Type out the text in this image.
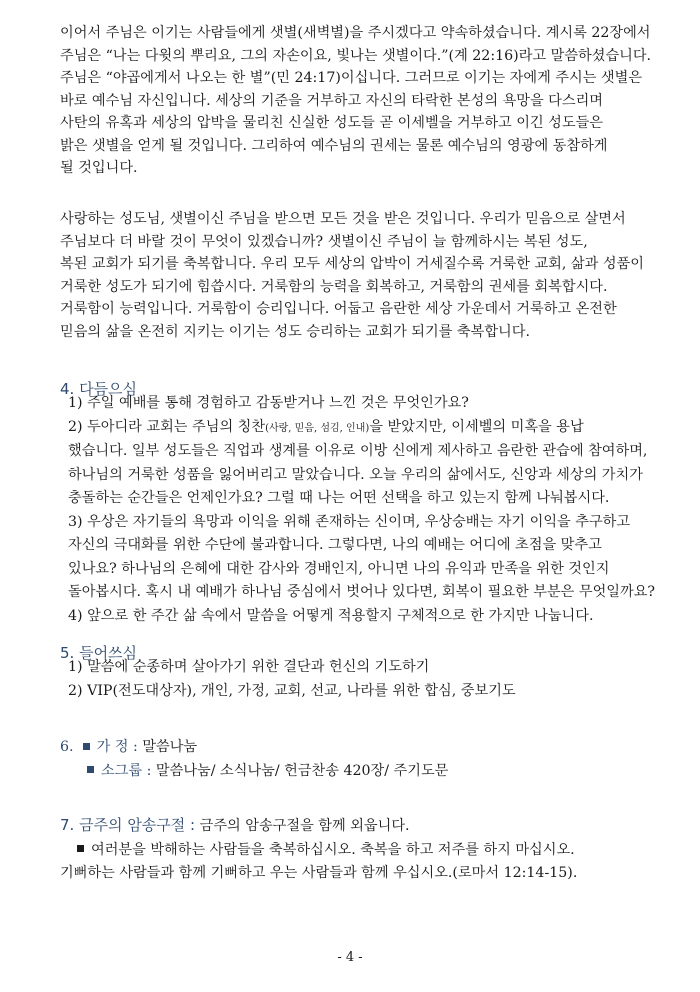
이어서 주님은 이기는 사람들에게 샛별(새벽별)을 주시겠다고 약속하셨습니다. 계시록 22장에서
주님은 “나는 다윗의 뿌리요, 그의 자손이요, 빛나는 샛별이다.”(계 22:16)라고 말씀하셨습니다.
주님은 “야곱에게서 나오는 한 별”(민 24:17)이십니다. 그러므로 이기는 자에게 주시는 샛별은
바로 예수님 자신입니다. 세상의 기준을 거부하고 자신의 타락한 본성의 욕망을 다스리며
사탄의 유혹과 세상의 압박을 물리친 신실한 성도들 곧 이세벨을 거부하고 이긴 성도들은
밝은 샛별을 얻게 될 것입니다. 그리하여 예수님의 권세는 물론 예수님의 영광에 동참하게
될 것입니다.

사랑하는 성도님, 샛별이신 주님을 받으면 모든 것을 받은 것입니다. 우리가 믿음으로 살면서
주님보다 더 바랄 것이 무엇이 있겠습니까? 샛별이신 주님이 늘 함께하시는 복된 성도,
복된 교회가 되기를 축복합니다. 우리 모두 세상의 압박이 거세질수록 거룩한 교회, 삶과 성품이
거룩한 성도가 되기에 힘씁시다. 거룩함의 능력을 회복하고, 거룩함의 권세를 회복합시다.
거룩함이 능력입니다. 거룩함이 승리입니다. 어둡고 음란한 세상 가운데서 거룩하고 온전한
믿음의 삶을 온전히 지키는 이기는 성도 승리하는 교회가 되기를 축복합니다.

4. 다듬으심
1) 주일 예배를 통해 경험하고 감동받거나 느낀 것은 무엇인가요?
2) 두아디라 교회는 주님의 칭찬(사랑, 믿음, 섬김, 인내)을 받았지만, 이세벨의 미혹을 용납
했습니다. 일부 성도들은 직업과 생계를 이유로 이방 신에게 제사하고 음란한 관습에 참여하며,
하나님의 거룩한 성품을 잃어버리고 말았습니다. 오늘 우리의 삶에서도, 신앙과 세상의 가치가
충돌하는 순간들은 언제인가요? 그럴 때 나는 어떤 선택을 하고 있는지 함께 나눠봅시다.
3) 우상은 자기들의 욕망과 이익을 위해 존재하는 신이며, 우상숭배는 자기 이익을 추구하고
자신의 극대화를 위한 수단에 불과합니다. 그렇다면, 나의 예배는 어디에 초점을 맞추고
있나요? 하나님의 은혜에 대한 감사와 경배인지, 아니면 나의 유익과 만족을 위한 것인지
돌아봅시다. 혹시 내 예배가 하나님 중심에서 벗어나 있다면, 회복이 필요한 부분은 무엇일까요?
4) 앞으로 한 주간 삶 속에서 말씀을 어떻게 적용할지 구체적으로 한 가지만 나눕니다.
5. 들어쓰심
1) 말씀에 순종하며 살아가기 위한 결단과 헌신의 기도하기
2) VIP(전도대상자), 개인, 가정, 교회, 선교, 나라를 위한 합심, 중보기도
6. 가 정 : 말씀나눔
소그룹 : 말씀나눔/ 소식나눔/ 헌금찬송 420장/ 주기도문
7. 금주의 암송구절 : 금주의 암송구절을 함께 외웁니다.
여러분을 박해하는 사람들을 축복하십시오. 축복을 하고 저주를 하지 마십시오.
기뻐하는 사람들과 함께 기뻐하고 우는 사람들과 함께 우십시오.(로마서 12:14-15).
- 4 -
